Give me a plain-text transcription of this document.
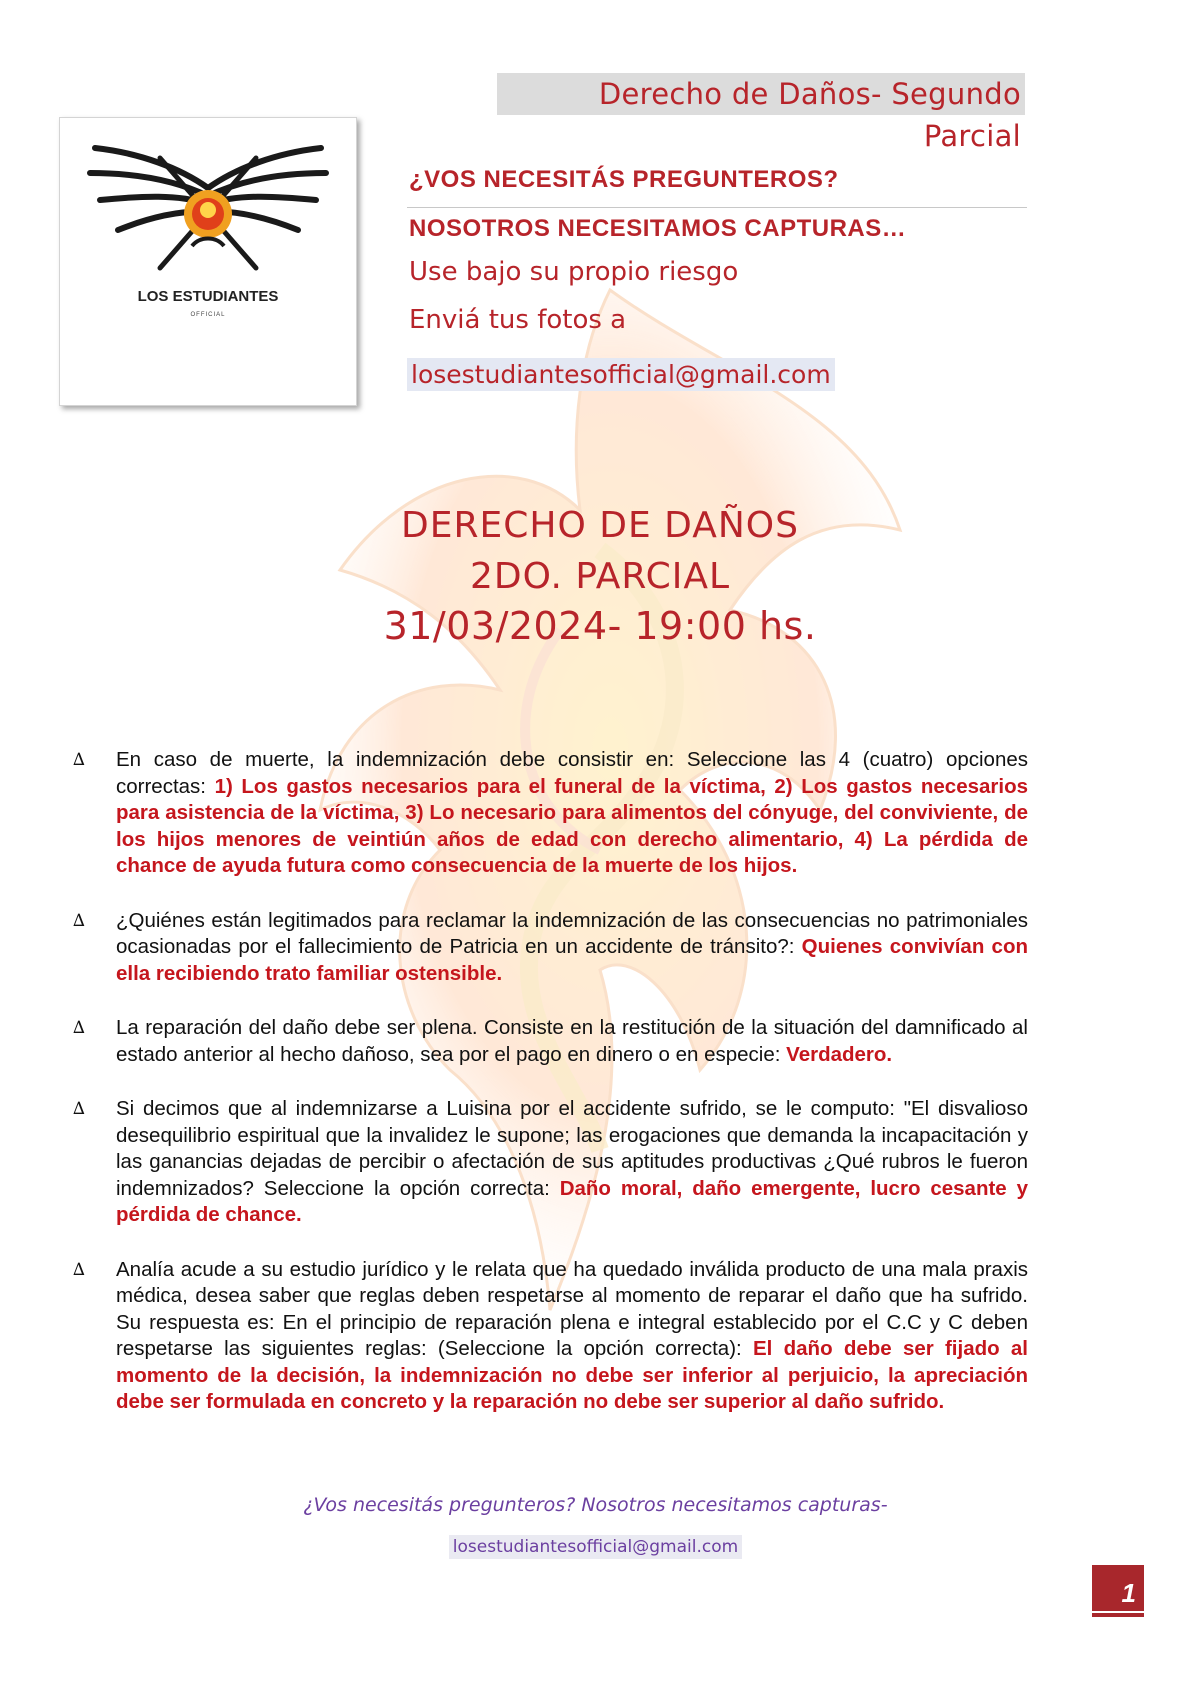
Derecho de Daños- Segundo Parcial
LOS ESTUDIANTES
OFFICIAL
¿VOS NECESITÁS PREGUNTEROS?
NOSOTROS NECESITAMOS CAPTURAS…
Use bajo su propio riesgo
Enviá tus fotos a
losestudiantesofficial@gmail.com
DERECHO DE DAÑOS
2DO. PARCIAL
31/03/2024- 19:00 hs.
∆ En caso de muerte, la indemnización debe consistir en: Seleccione las 4 (cuatro) opciones correctas: 1) Los gastos necesarios para el funeral de la víctima, 2) Los gastos necesarios para asistencia de la víctima, 3) Lo necesario para alimentos del cónyuge, del conviviente, de los hijos menores de veintiún años de edad con derecho alimentario, 4) La pérdida de chance de ayuda futura como consecuencia de la muerte de los hijos.
∆ ¿Quiénes están legitimados para reclamar la indemnización de las consecuencias no patrimoniales ocasionadas por el fallecimiento de Patricia en un accidente de tránsito?: Quienes convivían con ella recibiendo trato familiar ostensible.
∆ La reparación del daño debe ser plena. Consiste en la restitución de la situación del damnificado al estado anterior al hecho dañoso, sea por el pago en dinero o en especie: Verdadero.
∆ Si decimos que al indemnizarse a Luisina por el accidente sufrido, se le computo: "El disvalioso desequilibrio espiritual que la invalidez le supone; las erogaciones que demanda la incapacitación y las ganancias dejadas de percibir o afectación de sus aptitudes productivas ¿Qué rubros le fueron indemnizados? Seleccione la opción correcta: Daño moral, daño emergente, lucro cesante y pérdida de chance.
∆ Analía acude a su estudio jurídico y le relata que ha quedado inválida producto de una mala praxis médica, desea saber que reglas deben respetarse al momento de reparar el daño que ha sufrido. Su respuesta es: En el principio de reparación plena e integral establecido por el C.C y C deben respetarse las siguientes reglas: (Seleccione la opción correcta): El daño debe ser fijado al momento de la decisión, la indemnización no debe ser inferior al perjuicio, la apreciación debe ser formulada en concreto y la reparación no debe ser superior al daño sufrido.
¿Vos necesitás pregunteros? Nosotros necesitamos capturas-
losestudiantesofficial@gmail.com
1
